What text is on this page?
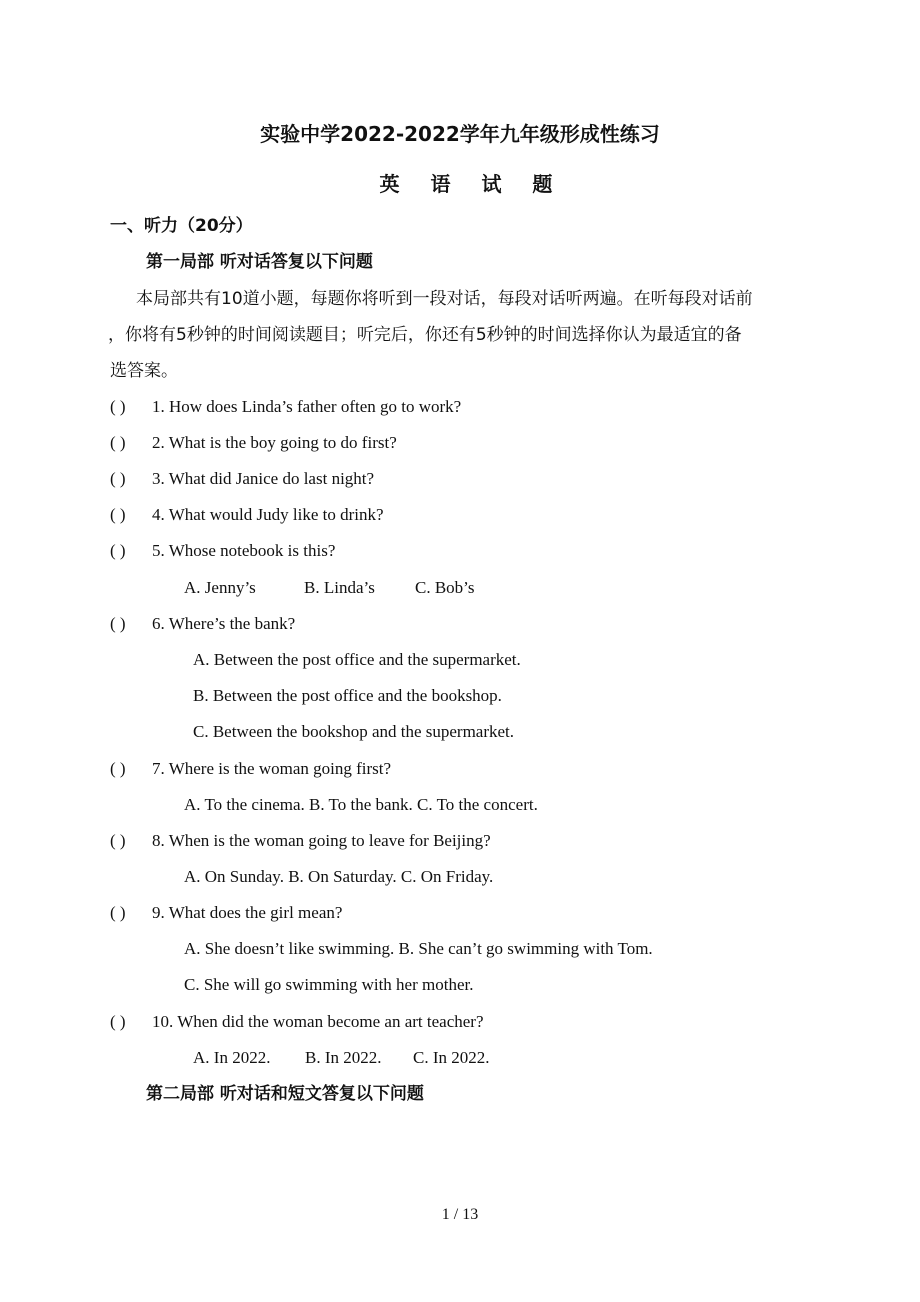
实验中学2022-2022学年九年级形成性练习
英 语 试 题
一、听力（20分）
第一局部 听对话答复以下问题
本局部共有10道小题，每题你将听到一段对话，每段对话听两遍。在听每段对话前
，你将有5秒钟的时间阅读题目；听完后，你还有5秒钟的时间选择你认为最适宜的备
选答案。
( ) 1. How does Linda’s father often go to work?
( ) 2. What is the boy going to do first?
( ) 3. What did Janice do last night?
( ) 4. What would Judy like to drink?
( ) 5. Whose notebook is this?
A. Jenny’s	B. Linda’s C. Bob’s
( ) 6. Where’s the bank?
A. Between the post office and the supermarket.
B. Between the post office and the bookshop.
C. Between the bookshop and the supermarket.
( ) 7. Where is the woman going first?
A. To the cinema. B. To the bank. C. To the concert.
( ) 8. When is the woman going to leave for Beijing?
A. On Sunday. B. On Saturday. C. On Friday.
( ) 9. What does the girl mean?
A. She doesn’t like swimming. B. She can’t go swimming with Tom.
C. She will go swimming with her mother.
( ) 10. When did the woman become an art teacher?
A. In 2022. B. In 2022. C. In 2022.
第二局部 听对话和短文答复以下问题
1 / 13
